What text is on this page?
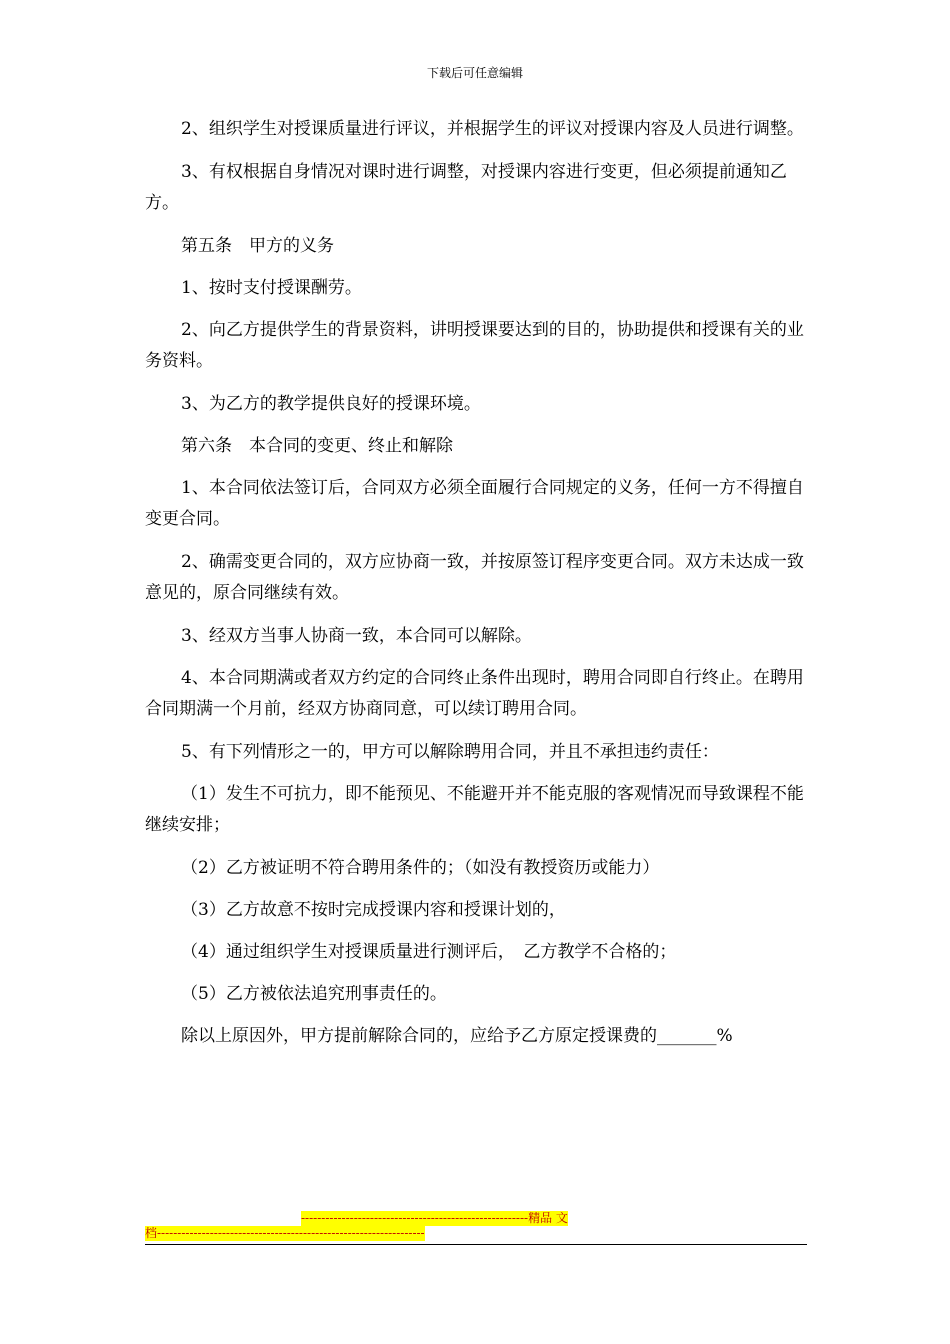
下载后可任意编辑

2、组织学生对授课质量进行评议，并根据学生的评议对授课内容及人员进行调整。

3、有权根据自身情况对课时进行调整，对授课内容进行变更，但必须提前通知乙方。

第五条　甲方的义务

1、按时支付授课酬劳。

2、向乙方提供学生的背景资料，讲明授课要达到的目的，协助提供和授课有关的业务资料。

3、为乙方的教学提供良好的授课环境。

第六条　本合同的变更、终止和解除

1、本合同依法签订后，合同双方必须全面履行合同规定的义务，任何一方不得擅自变更合同。

2、确需变更合同的，双方应协商一致，并按原签订程序变更合同。双方未达成一致意见的，原合同继续有效。

3、经双方当事人协商一致，本合同可以解除。

4、本合同期满或者双方约定的合同终止条件出现时，聘用合同即自行终止。在聘用合同期满一个月前，经双方协商同意，可以续订聘用合同。

5、有下列情形之一的，甲方可以解除聘用合同，并且不承担违约责任：

（1）发生不可抗力，即不能预见、不能避开并不能克服的客观情况而导致课程不能继续安排；

（2）乙方被证明不符合聘用条件的；（如没有教授资历或能力）

（3）乙方故意不按时完成授课内容和授课计划的，

（4）通过组织学生对授课质量进行测评后，　乙方教学不合格的；

（5）乙方被依法追究刑事责任的。

除以上原因外，甲方提前解除合同的，应给予乙方原定授课费的_______%

--------------------------------------------------------精品 文
档------------------------------------------------------------------
